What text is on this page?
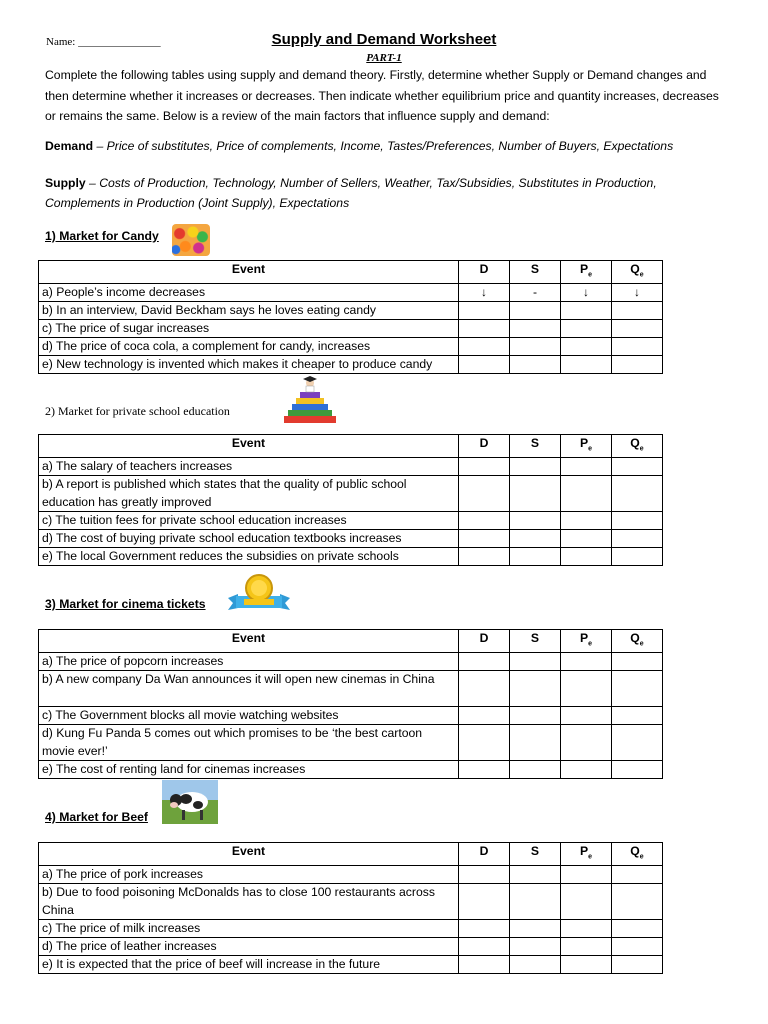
Name: _______________	Supply and Demand Worksheet
PART-1
Complete the following tables using supply and demand theory. Firstly, determine whether Supply or Demand changes and then determine whether it increases or decreases. Then indicate whether equilibrium price and quantity increases, decreases or remains the same. Below is a review of the main factors that influence supply and demand:
Demand – Price of substitutes, Price of complements, Income, Tastes/Preferences, Number of Buyers, Expectations
Supply – Costs of Production, Technology, Number of Sellers, Weather, Tax/Subsidies, Substitutes in Production, Complements in Production (Joint Supply), Expectations
1) Market for Candy
Event	D	S	$P_e$	$Q_e$
a) People’s income decreases	↓	-	↓	↓
b) In an interview, David Beckham says he loves eating candy				
c) The price of sugar increases				
d) The price of coca cola, a complement for candy, increases				
e) New technology is invented which makes it cheaper to produce candy				
2) Market for private school education
Event	D	S	$P_e$	$Q_e$
a) The salary of teachers increases				
b) A report is published which states that the quality of public school education has greatly improved				
c) The tuition fees for private school education increases				
d) The cost of buying private school education textbooks increases				
e) The local Government reduces the subsidies on private schools				
3) Market for cinema tickets
Event	D	S	$P_e$	$Q_e$
a) The price of popcorn increases				
b) A new company Da Wan announces it will open new cinemas in China				
c) The Government blocks all movie watching websites				
d) Kung Fu Panda 5 comes out which promises to be ‘the best cartoon movie ever!’				
e) The cost of renting land for cinemas increases				
4) Market for Beef
Event	D	S	$P_e$	$Q_e$
a) The price of pork increases				
b) Due to food poisoning McDonalds has to close 100 restaurants across China				
c) The price of milk increases				
d) The price of leather increases				
e) It is expected that the price of beef will increase in the future				
